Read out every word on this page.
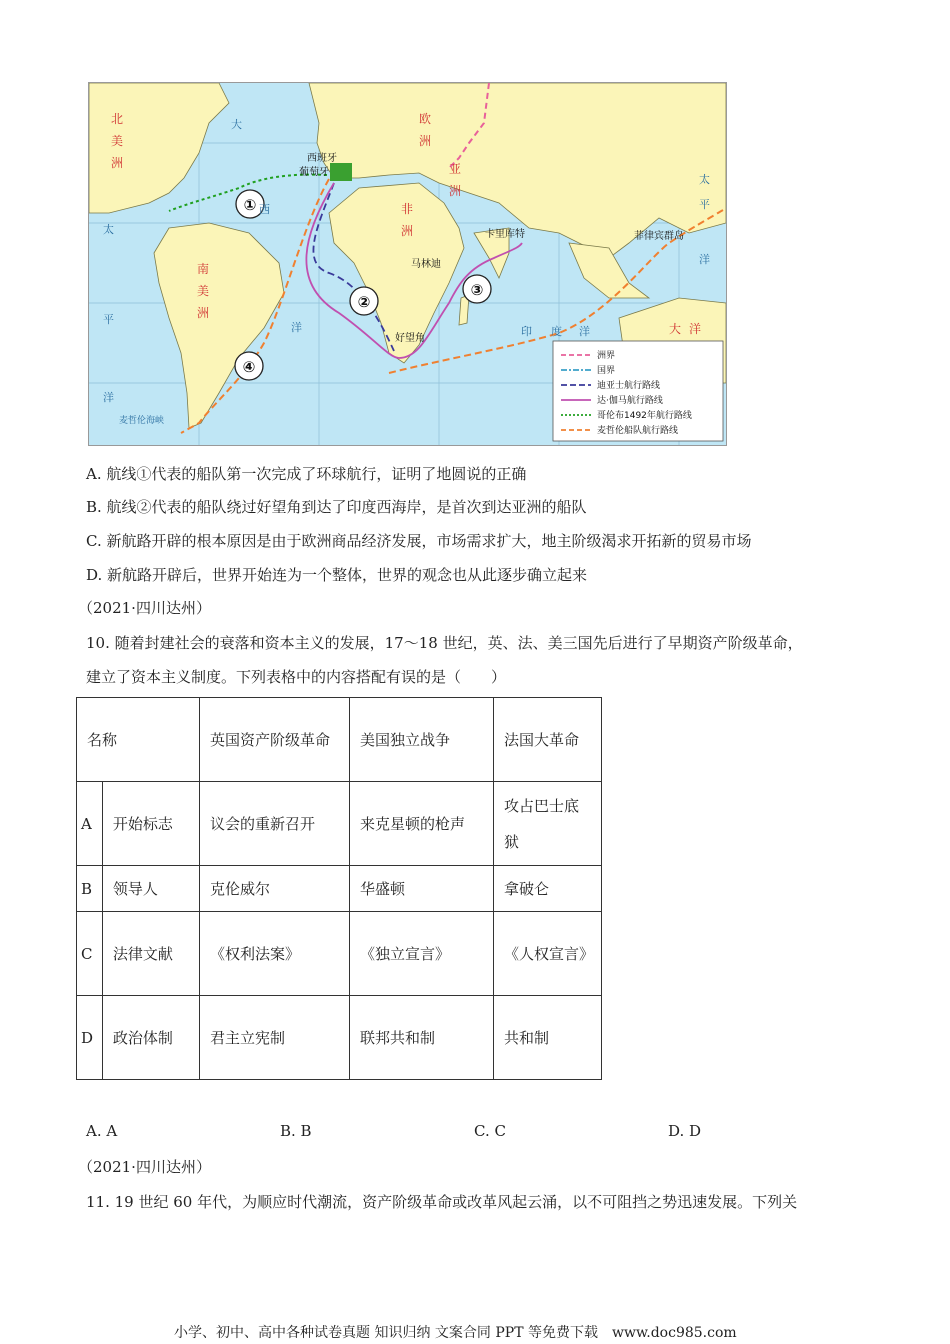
①
②
③
④
北
美
洲
南
美
洲
欧
洲
亚
洲
非
洲
大 洋
大
西
洋
太
平
洋
印 度 洋
太
平
洋
西班牙
葡萄牙
马林迪
卡里库特
好望角
菲律宾群岛
麦哲伦海峡
洲界
国界
迪亚士航行路线
达·伽马航行路线
哥伦布1492年航行路线
麦哲伦船队航行路线
A. 航线①代表的船队第一次完成了环球航行，证明了地圆说的正确
B. 航线②代表的船队绕过好望角到达了印度西海岸，是首次到达亚洲的船队
C. 新航路开辟的根本原因是由于欧洲商品经济发展，市场需求扩大，地主阶级渴求开拓新的贸易市场
D. 新航路开辟后，世界开始连为一个整体，世界的观念也从此逐步确立起来
（2021·四川达州）
10. 随着封建社会的衰落和资本主义的发展，17～18 世纪，英、法、美三国先后进行了早期资产阶级革命，
建立了资本主义制度。下列表格中的内容搭配有误的是（　　）
名称		英国资产阶级革命	美国独立战争	法国大革命
A	开始标志	议会的重新召开	来克星顿的枪声	攻占巴士底狱
B	领导人	克伦威尔	华盛顿	拿破仑
C	法律文献	《权利法案》	《独立宣言》	《人权宣言》
D	政治体制	君主立宪制	联邦共和制	共和制
A. A	B. B	C. C	D. D
（2021·四川达州）
11. 19 世纪 60 年代，为顺应时代潮流，资产阶级革命或改革风起云涌，以不可阻挡之势迅速发展。下列关
小学、初中、高中各种试卷真题 知识归纳 文案合同 PPT 等免费下载　www.doc985.com
